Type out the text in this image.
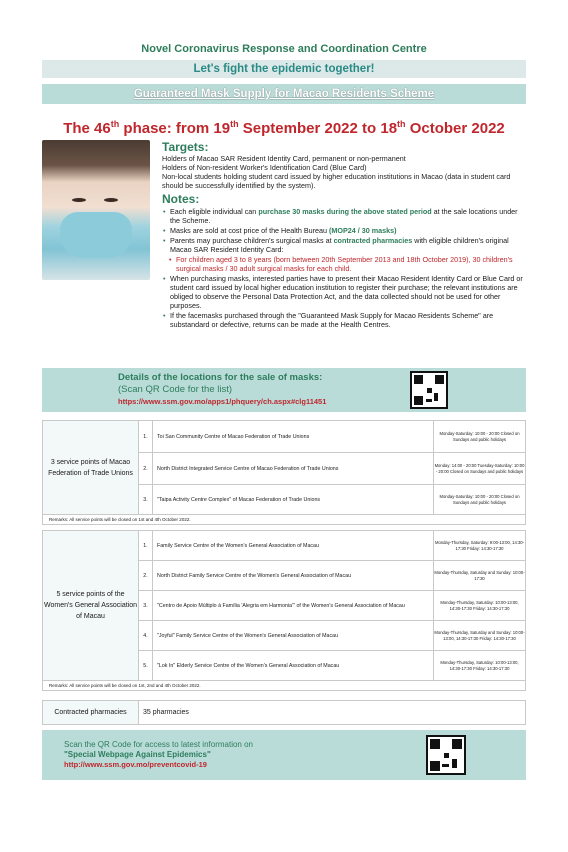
Novel Coronavirus Response and Coordination Centre
Let's fight the epidemic together!
Guaranteed Mask Supply for Macao Residents Scheme
The 46th phase: from 19th September 2022 to 18th October 2022
Targets:
Holders of Macao SAR Resident Identity Card, permanent or non-permanent
Holders of Non-resident Worker's Identification Card (Blue Card)
Non-local students holding student card issued by higher education institutions in Macao (data in student card should be successfully identified by the system).
Notes:
• Each eligible individual can purchase 30 masks during the above stated period at the sale locations under the Scheme.
• Masks are sold at cost price of the Health Bureau (MOP24 / 30 masks)
• Parents may purchase children's surgical masks at contracted pharmacies with eligible children's original Macao SAR Resident Identity Card:
• For children aged 3 to 8 years (born between 20th September 2013 and 18th October 2019), 30 children's surgical masks / 30 adult surgical masks for each child.
• When purchasing masks, interested parties have to present their Macao Resident Identity Card or Blue Card or student card issued by local higher education institution to register their purchase; the relevant institutions are obliged to observe the Personal Data Protection Act, and the data collected should not be used for other purposes.
• If the facemasks purchased through the "Guaranteed Mask Supply for Macao Residents Scheme" are substandard or defective, returns can be made at the Health Centres.
Details of the locations for the sale of masks:
(Scan QR Code for the list)
https://www.ssm.gov.mo/apps1/phquery/ch.aspx#clg11451
3 service points of Macao Federation of Trade Unions	1.	Toi San Community Centre of Macao Federation of Trade Unions	Monday-Saturday: 10:00 - 20:00 Closed on Sundays and public holidays
	2.	North District Integrated Service Centre of Macao Federation of Trade Unions	Monday: 14:00 - 20:00 Tuesday-Saturday: 10:00 - 20:00 Closed on Sundays and public holidays
	3.	"Taipa Activity Centre Complex" of Macao Federation of Trade Unions	Monday-Saturday: 10:00 - 20:00 Closed on Sundays and public holidays
Remarks: All service points will be closed on 1st and 4th October 2022.			
5 service points of the Women's General Association of Macau	1.	Family Service Centre of the Women's General Association of Macau	Monday-Thursday, Saturday: 9:00-13:00, 14:30-17:30 Friday: 14:30-17:30
	2.	North District Family Service Centre of the Women's General Association of Macau	Monday-Thursday, Saturday and Sunday: 10:00-17:30
	3.	"Centro de Apoio Múltiplo à Família 'Alegria em Harmonia'" of the Women's General Association of Macau	Monday-Thursday, Saturday: 10:00-13:00, 14:30-17:30 Friday: 14:30-17:30
	4.	"Joyful" Family Service Centre of the Women's General Association of Macau	Monday-Thursday, Saturday and Sunday: 10:00-13:00, 14:30-17:30 Friday: 14:30-17:30
	5.	"Lok In" Elderly Service Centre of the Women's General Association of Macau	Monday-Thursday, Saturday: 10:00-13:00, 14:30-17:30 Friday: 14:30-17:30
Remarks: All service points will be closed on 1st, 2nd and 4th October 2022.			
Contracted pharmacies	35 pharmacies
Scan the QR Code for access to latest information on
"Special Webpage Against Epidemics"
http://www.ssm.gov.mo/preventcovid-19
